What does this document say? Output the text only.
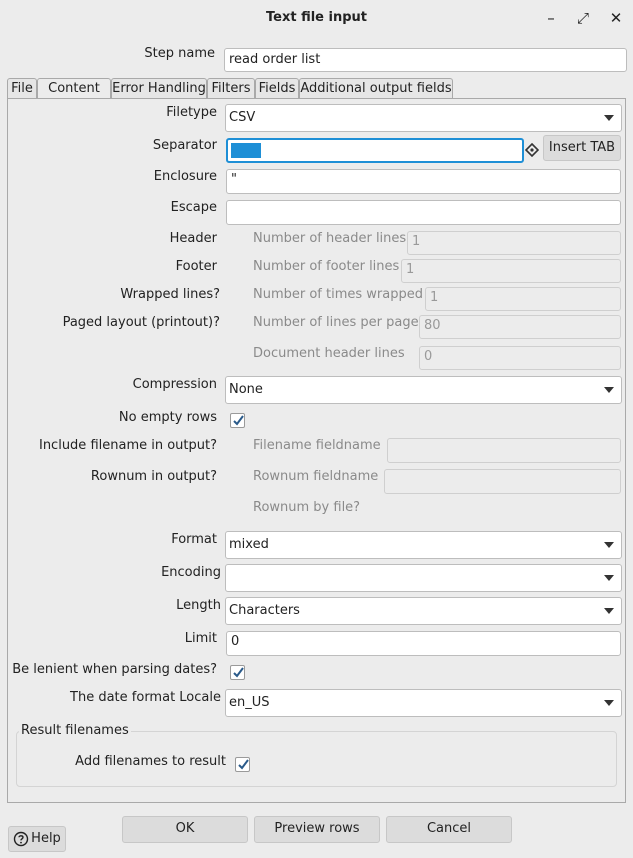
Text file input	–	⤢ ✕
Step name	read order list
File	Content Error Handling Filters Fields Additional output fields
Filetype CSV
Separator	Insert TAB
Enclosure	"
Escape
Header	Number of header lines 1
Footer	Number of footer lines 1
Wrapped lines?	Number of times wrapped 1
Paged layout (printout)?	Number of lines per page 80
Document header lines	0
Compression None
No empty rows
Include filename in output?	Filename fieldname
Rownum in output?	Rownum fieldname
Rownum by file?
Format mixed
Encoding
Length Characters
Limit	0
Be lenient when parsing dates?
The date format Locale en_US
Result filenames
Add filenames to result
Help
OK	Preview rows	Cancel
